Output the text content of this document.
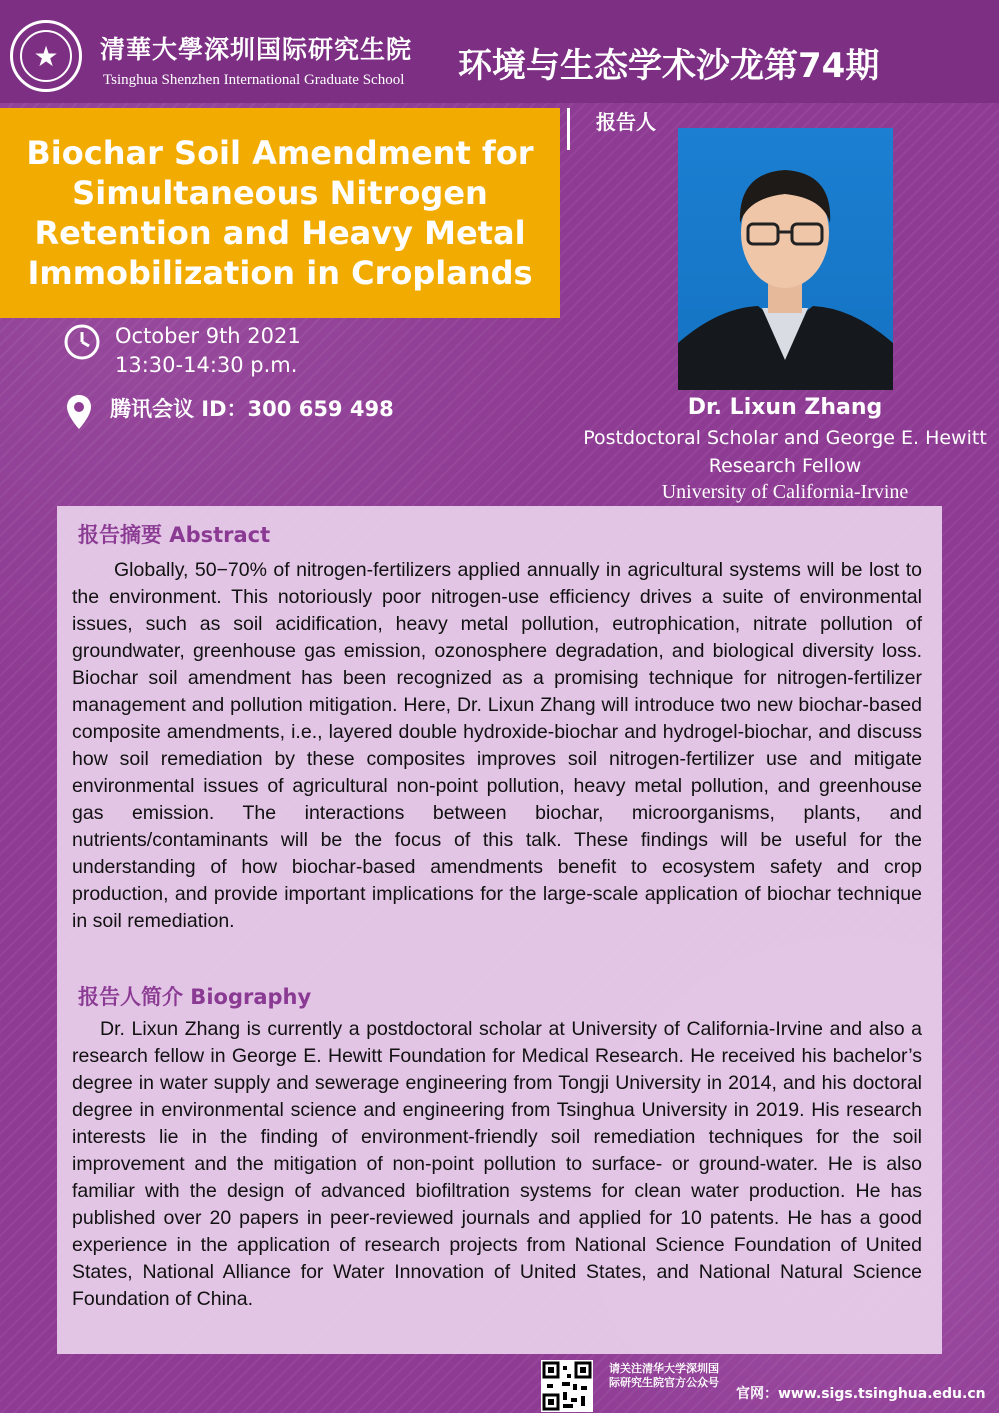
★	清華大學深圳国际研究生院
Tsinghua Shenzhen International Graduate School 环境与生态学术沙龙第74期
Biochar Soil Amendment for Simultaneous Nitrogen Retention and Heavy Metal Immobilization in Croplands
报告人
October 9th 2021
13:30-14:30 p.m.
腾讯会议 ID：300 659 498	Dr. Lixun Zhang
Postdoctoral Scholar and George E. Hewitt Research Fellow
University of California-Irvine
报告摘要 Abstract
Globally, 50−70% of nitrogen-fertilizers applied annually in agricultural systems will be lost to the environment. This notoriously poor nitrogen-use efficiency drives a suite of environmental issues, such as soil acidification, heavy metal pollution, eutrophication, nitrate pollution of groundwater, greenhouse gas emission, ozonosphere degradation, and biological diversity loss. Biochar soil amendment has been recognized as a promising technique for nitrogen-fertilizer management and pollution mitigation. Here, Dr. Lixun Zhang will introduce two new biochar-based composite amendments, i.e., layered double hydroxide-biochar and hydrogel-biochar, and discuss how soil remediation by these composites improves soil nitrogen-fertilizer use and mitigate environmental issues of agricultural non-point pollution, heavy metal pollution, and greenhouse gas emission. The interactions between biochar, microorganisms, plants, and nutrients/contaminants will be the focus of this talk. These findings will be useful for the understanding of how biochar-based amendments benefit to ecosystem safety and crop production, and provide important implications for the large-scale application of biochar technique in soil remediation.
报告人简介 Biography
Dr. Lixun Zhang is currently a postdoctoral scholar at University of California-Irvine and also a research fellow in George E. Hewitt Foundation for Medical Research. He received his bachelor’s degree in water supply and sewerage engineering from Tongji University in 2014, and his doctoral degree in environmental science and engineering from Tsinghua University in 2019. His research interests lie in the finding of environment-friendly soil remediation techniques for the soil improvement and the mitigation of non-point pollution to surface- or ground-water. He is also familiar with the design of advanced biofiltration systems for clean water production. He has published over 20 papers in peer-reviewed journals and applied for 10 patents. He has a good experience in the application of research projects from National Science Foundation of United States, National Alliance for Water Innovation of United States, and National Natural Science Foundation of China.
请关注清华大学深圳国际研究生院官方公众号
官网：www.sigs.tsinghua.edu.cn
